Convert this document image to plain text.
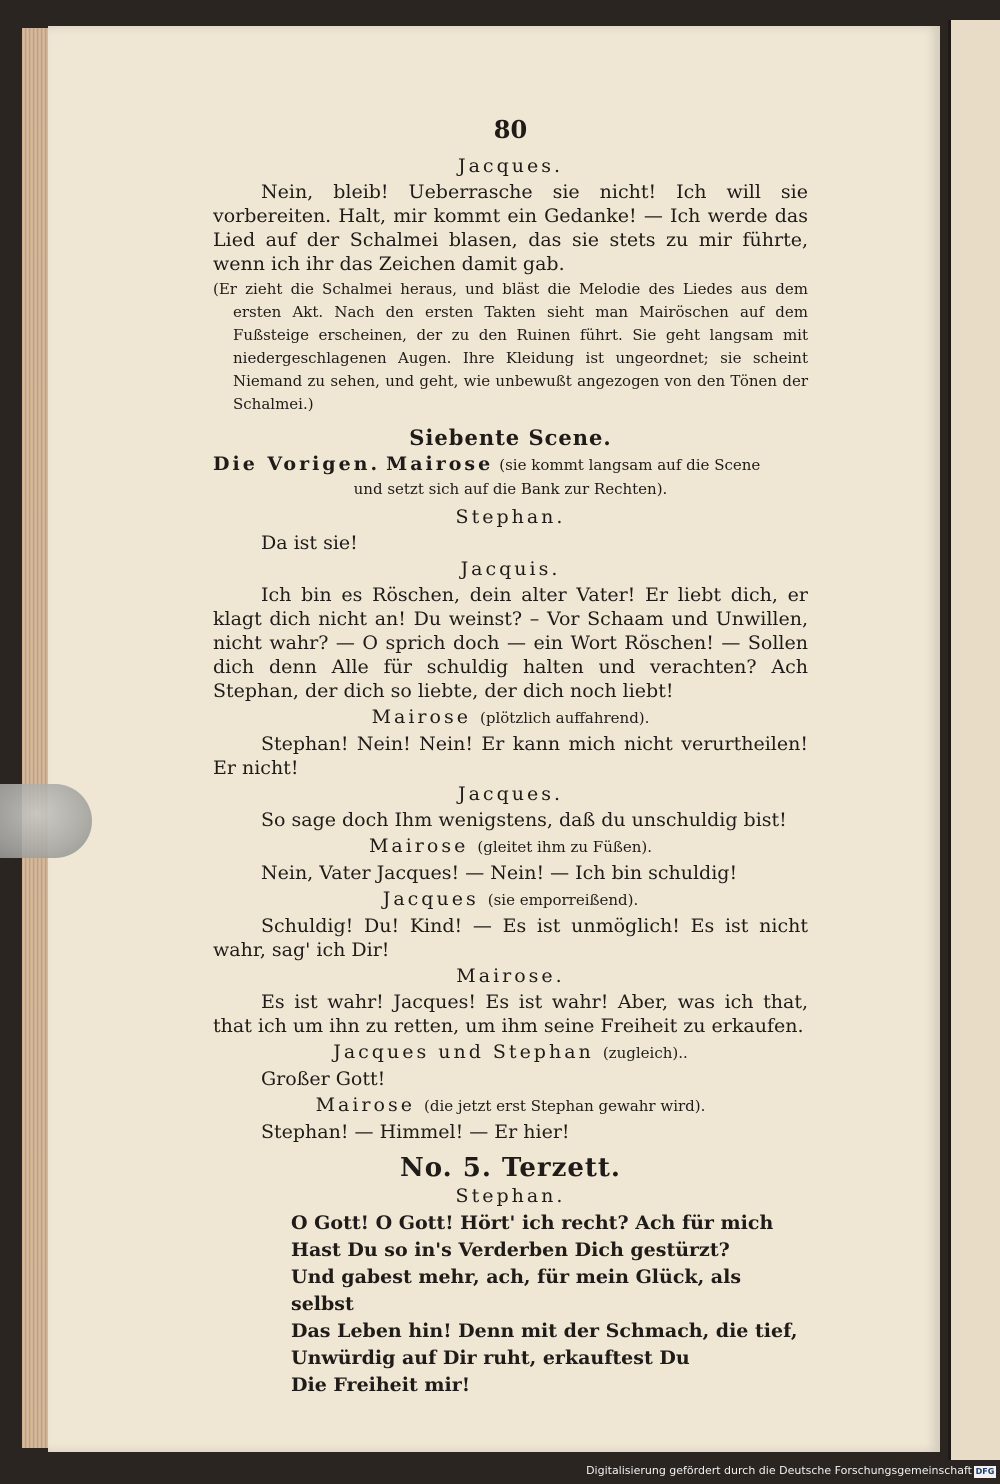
80
Jacques.

Nein, bleib! Ueberrasche sie nicht! Ich will sie vorbereiten. Halt, mir kommt ein Gedanke! — Ich werde das Lied auf der Schalmei blasen, das sie stets zu mir führte, wenn ich ihr das Zeichen damit gab.

(Er zieht die Schalmei heraus, und bläst die Melodie des Liedes aus dem ersten Akt. Nach den ersten Takten sieht man Mairöschen auf dem Fußsteige erscheinen, der zu den Ruinen führt. Sie geht langsam mit niedergeschlagenen Augen. Ihre Kleidung ist ungeordnet; sie scheint Niemand zu sehen, und geht, wie unbewußt angezogen von den Tönen der Schalmei.)

Siebente Scene.
Die Vorigen. Mairose (sie kommt langsam auf die Scene
und setzt sich auf die Bank zur Rechten).
Stephan.

Da ist sie!

Jacquis.

Ich bin es Röschen, dein alter Vater! Er liebt dich, er klagt dich nicht an! Du weinst? – Vor Schaam und Unwillen, nicht wahr? — O sprich doch — ein Wort Röschen! — Sollen dich denn Alle für schuldig halten und verachten? Ach Stephan, der dich so liebte, der dich noch liebt!

Mairose (plötzlich auffahrend).

Stephan! Nein! Nein! Er kann mich nicht verurtheilen! Er nicht!

Jacques.

So sage doch Ihm wenigstens, daß du unschuldig bist!

Mairose (gleitet ihm zu Füßen).

Nein, Vater Jacques! — Nein! — Ich bin schuldig!

Jacques (sie emporreißend).

Schuldig! Du! Kind! — Es ist unmöglich! Es ist nicht wahr, sag' ich Dir!

Mairose.

Es ist wahr! Jacques! Es ist wahr! Aber, was ich that, that ich um ihn zu retten, um ihm seine Freiheit zu erkaufen.

Jacques und Stephan (zugleich)..

Großer Gott!

Mairose (die jetzt erst Stephan gewahr wird).

Stephan! — Himmel! — Er hier!

No. 5. Terzett.
Stephan.
O Gott! O Gott! Hört' ich recht? Ach für mich
Hast Du so in's Verderben Dich gestürzt?
Und gabest mehr, ach, für mein Glück, als selbst
Das Leben hin! Denn mit der Schmach, die tief,
Unwürdig auf Dir ruht, erkauftest Du
Die Freiheit mir!
Digitalisierung gefördert durch die Deutsche Forschungsgemeinschaft DFG
